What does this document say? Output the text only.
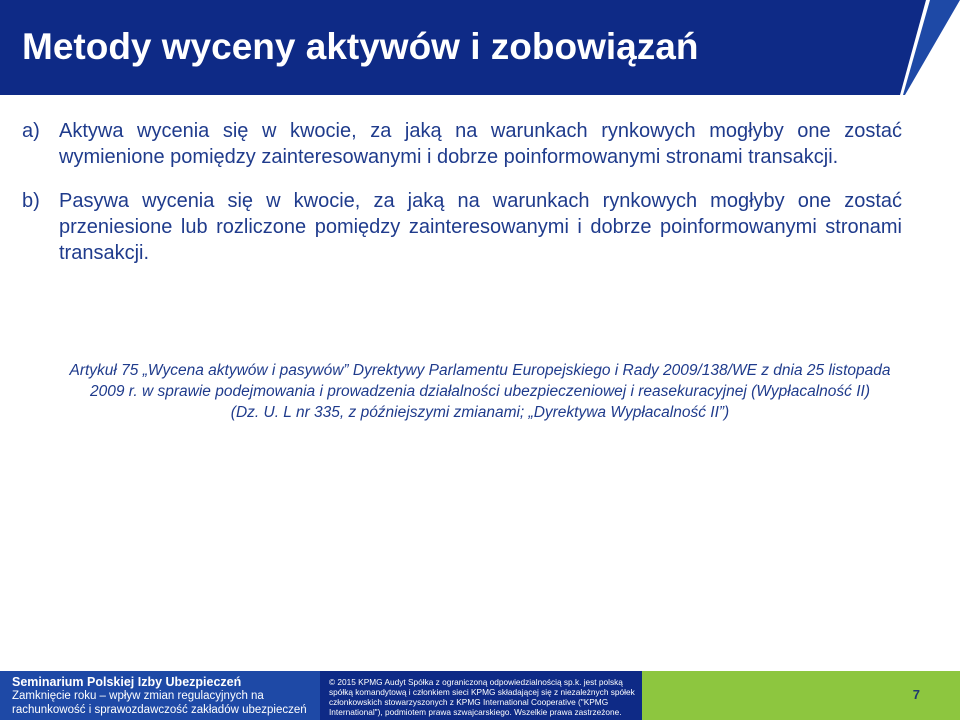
Metody wyceny aktywów i zobowiązań
a) Aktywa wycenia się w kwocie, za jaką na warunkach rynkowych mogłyby one zostać wymienione pomiędzy zainteresowanymi i dobrze poinformowanymi stronami transakcji.
b) Pasywa wycenia się w kwocie, za jaką na warunkach rynkowych mogłyby one zostać przeniesione lub rozliczone pomiędzy zainteresowanymi i dobrze poinformowanymi stronami transakcji.
Artykuł 75 „Wycena aktywów i pasywów” Dyrektywy Parlamentu Europejskiego i Rady 2009/138/WE z dnia 25 listopada
2009 r. w sprawie podejmowania i prowadzenia działalności ubezpieczeniowej i reasekuracyjnej (Wypłacalność II)
(Dz. U. L nr 335, z późniejszymi zmianami; „Dyrektywa Wypłacalność II”)
Seminarium Polskiej Izby Ubezpieczeń
Zamknięcie roku – wpływ zmian regulacyjnych na
rachunkowość i sprawozdawczość zakładów ubezpieczeń
© 2015 KPMG Audyt Spółka z ograniczoną odpowiedzialnością sp.k. jest polską
spółką komandytową i członkiem sieci KPMG składającej się z niezależnych spółek
członkowskich stowarzyszonych z KPMG International Cooperative ("KPMG
International"), podmiotem prawa szwajcarskiego. Wszelkie prawa zastrzeżone.
7
